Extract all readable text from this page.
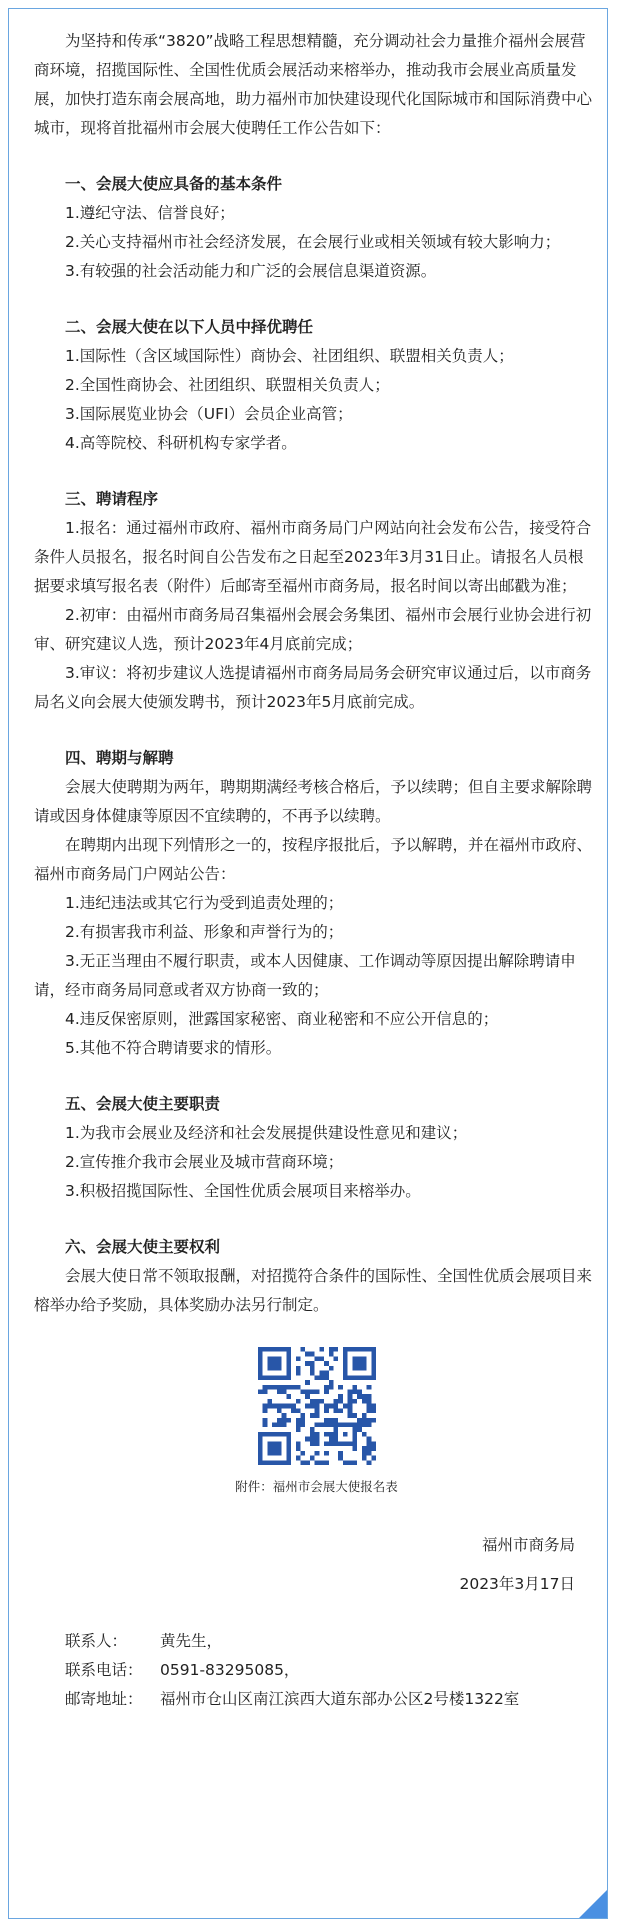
为坚持和传承“3820”战略工程思想精髓，充分调动社会力量推介福州会展营商环境，招揽国际性、全国性优质会展活动来榕举办，推动我市会展业高质量发展，加快打造东南会展高地，助力福州市加快建设现代化国际城市和国际消费中心城市，现将首批福州市会展大使聘任工作公告如下：

一、会展大使应具备的基本条件

1.遵纪守法、信誉良好；

2.关心支持福州市社会经济发展，在会展行业或相关领域有较大影响力；

3.有较强的社会活动能力和广泛的会展信息渠道资源。

二、会展大使在以下人员中择优聘任

1.国际性（含区域国际性）商协会、社团组织、联盟相关负责人；

2.全国性商协会、社团组织、联盟相关负责人；

3.国际展览业协会（UFI）会员企业高管；

4.高等院校、科研机构专家学者。

三、聘请程序

1.报名：通过福州市政府、福州市商务局门户网站向社会发布公告，接受符合条件人员报名，报名时间自公告发布之日起至2023年3月31日止。请报名人员根据要求填写报名表（附件）后邮寄至福州市商务局，报名时间以寄出邮戳为准；

2.初审：由福州市商务局召集福州会展会务集团、福州市会展行业协会进行初审、研究建议人选，预计2023年4月底前完成；

3.审议：将初步建议人选提请福州市商务局局务会研究审议通过后，以市商务局名义向会展大使颁发聘书，预计2023年5月底前完成。

四、聘期与解聘

会展大使聘期为两年，聘期期满经考核合格后，予以续聘；但自主要求解除聘请或因身体健康等原因不宜续聘的，不再予以续聘。

在聘期内出现下列情形之一的，按程序报批后，予以解聘，并在福州市政府、福州市商务局门户网站公告：

1.违纪违法或其它行为受到追责处理的；

2.有损害我市利益、形象和声誉行为的；

3.无正当理由不履行职责，或本人因健康、工作调动等原因提出解除聘请申请，经市商务局同意或者双方协商一致的；

4.违反保密原则，泄露国家秘密、商业秘密和不应公开信息的；

5.其他不符合聘请要求的情形。

五、会展大使主要职责

1.为我市会展业及经济和社会发展提供建设性意见和建议；

2.宣传推介我市会展业及城市营商环境；

3.积极招揽国际性、全国性优质会展项目来榕举办。

六、会展大使主要权利

会展大使日常不领取报酬，对招揽符合条件的国际性、全国性优质会展项目来榕举办给予奖励，具体奖励办法另行制定。

附件：福州市会展大使报名表

福州市商务局

2023年3月17日

联系人：	黄先生，
联系电话：	0591-83295085，
邮寄地址：	福州市仓山区南江滨西大道东部办公区2号楼1322室
